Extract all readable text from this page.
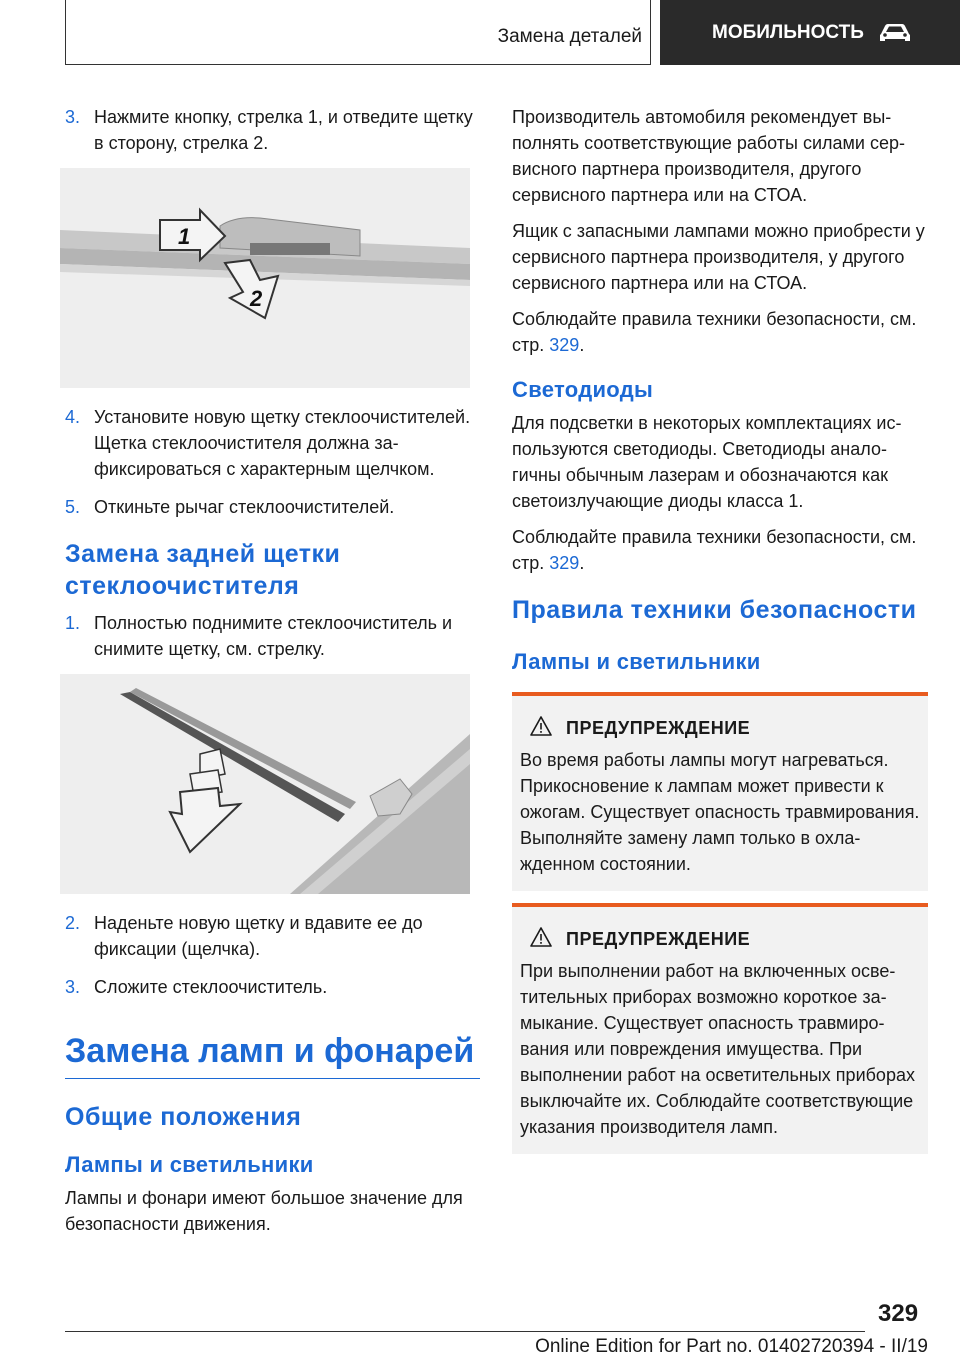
Замена деталей	МОБИЛЬНОСТЬ
3. Нажмите кнопку, стрелка 1, и отведите щетку в сторону, стрелка 2.
1
2
4. Установите новую щетку стеклоочистителей. Щетка стеклоочистителя должна зафиксироваться с характерным щелчком.
5. Откиньте рычаг стеклоочистителей.
Замена задней щетки стеклоочистителя
1. Полностью поднимите стеклоочиститель и снимите щетку, см. стрелку.
2. Наденьте новую щетку и вдавите ее до фиксации (щелчка).
3. Сложите стеклоочиститель.
Замена ламп и фонарей
Общие положения
Лампы и светильники
Лампы и фонари имеют большое значение для безопасности движения.
Производитель автомобиля рекомендует выполнять соответствующие работы силами сервисного партнера производителя, другого сервисного партнера или на СТОА.
Ящик с запасными лампами можно приобрести у сервисного партнера производителя, у другого сервисного партнера или на СТОА.
Соблюдайте правила техники безопасности, см. стр. 329.
Светодиоды
Для подсветки в некоторых комплектациях используются светодиоды. Светодиоды аналогичны обычным лазерам и обозначаются как светоизлучающие диоды класса 1.
Соблюдайте правила техники безопасности, см. стр. 329.
Правила техники безопасности
Лампы и светильники
ПРЕДУПРЕЖДЕНИЕ
Во время работы лампы могут нагреваться. Прикосновение к лампам может привести к ожогам. Существует опасность травмирования. Выполняйте замену ламп только в охлажденном состоянии.
ПРЕДУПРЕЖДЕНИЕ
При выполнении работ на включенных осветительных приборах возможно короткое замыкание. Существует опасность травмирования или повреждения имущества. При выполнении работ на осветительных приборах выключайте их. Соблюдайте соответствующие указания производителя ламп.
329
Online Edition for Part no. 01402720394 - II/19
